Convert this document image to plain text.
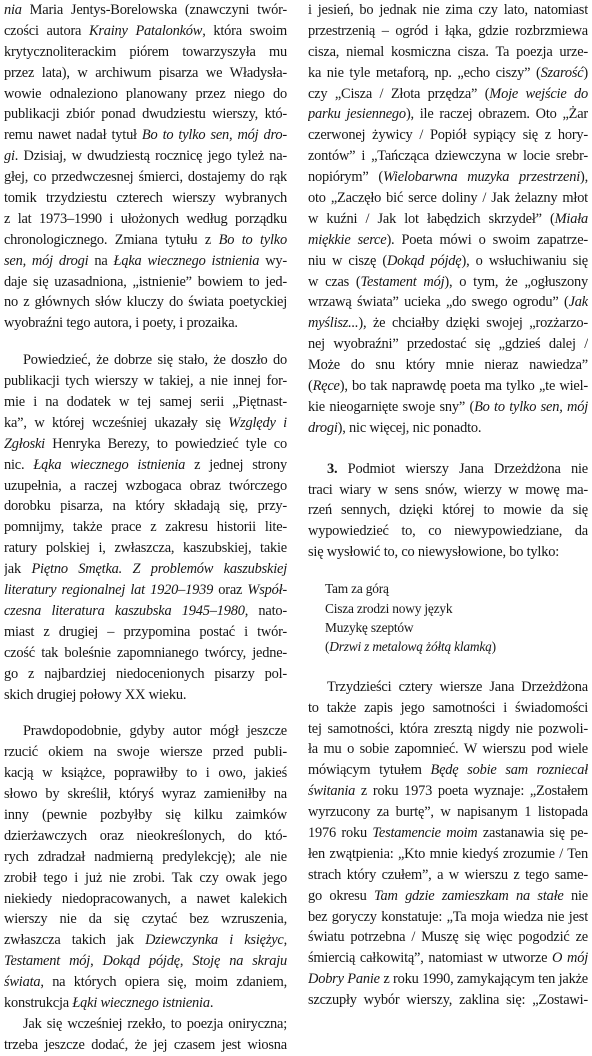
nia Maria Jentys-Borelowska (znawczyni twór-
czości autora Krainy Patalonków, która swoim
krytycznoliterackim piórem towarzyszyła mu
przez lata), w archiwum pisarza we Władysła-
wowie odnaleziono planowany przez niego do
publikacji zbiór ponad dwudziestu wierszy, któ-
remu nawet nadał tytuł Bo to tylko sen, mój dro-
gi. Dzisiaj, w dwudziestą rocznicę jego tyleż na-
głej, co przedwczesnej śmierci, dostajemy do rąk
tomik trzydziestu czterech wierszy wybranych
z lat 1973–1990 i ułożonych według porządku
chronologicznego. Zmiana tytułu z Bo to tylko
sen, mój drogi na Łąka wiecznego istnienia wy-
daje się uzasadniona, „istnienie” bowiem to jed-
no z głównych słów kluczy do świata poetyckiej
wyobraźni tego autora, i poety, i prozaika.
Powiedzieć, że dobrze się stało, że doszło do
publikacji tych wierszy w takiej, a nie innej for-
mie i na dodatek w tej samej serii „Piętnast-
ka”, w której wcześniej ukazały się Względy i
Zgłoski Henryka Berezy, to powiedzieć tyle co
nic. Łąka wiecznego istnienia z jednej strony
uzupełnia, a raczej wzbogaca obraz twórczego
dorobku pisarza, na który składają się, przy-
pomnijmy, także prace z zakresu historii lite-
ratury polskiej i, zwłaszcza, kaszubskiej, takie
jak Piętno Smętka. Z problemów kaszubskiej
literatury regionalnej lat 1920–1939 oraz Współ-
czesna literatura kaszubska 1945–1980, nato-
miast z drugiej – przypomina postać i twór-
czość tak boleśnie zapomnianego twórcy, jedne-
go z najbardziej niedocenionych pisarzy pol-
skich drugiej połowy XX wieku.
Prawdopodobnie, gdyby autor mógł jeszcze
rzucić okiem na swoje wiersze przed publi-
kacją w książce, poprawiłby to i owo, jakieś
słowo by skreślił, któryś wyraz zamieniłby na
inny (pewnie pozbyłby się kilku zaimków
dzierżawczych oraz nieokreślonych, do któ-
rych zdradzał nadmierną predylekcję); ale nie
zrobił tego i już nie zrobi. Tak czy owak jego
niekiedy niedopracowanych, a nawet kalekich
wierszy nie da się czytać bez wzruszenia,
zwłaszcza takich jak Dziewczynka i księżyc,
Testament mój, Dokąd pójdę, Stoję na skraju
świata, na których opiera się, moim zdaniem,
konstrukcja Łąki wiecznego istnienia.
Jak się wcześniej rzekło, to poezja oniryczna;
trzeba jeszcze dodać, że jej czasem jest wiosna
i jesień, bo jednak nie zima czy lato, natomiast
przestrzenią – ogród i łąka, gdzie rozbrzmiewa
cisza, niemal kosmiczna cisza. Ta poezja urze-
ka nie tyle metaforą, np. „echo ciszy” (Szarość)
czy „Cisza / Złota przędza” (Moje wejście do
parku jesiennego), ile raczej obrazem. Oto „Żar
czerwonej żywicy / Popiół sypiący się z hory-
zontów” i „Tańcząca dziewczyna w locie srebr-
nopiórym” (Wielobarwna muzyka przestrzeni),
oto „Zaczęło bić serce doliny / Jak żelazny młot
w kuźni / Jak lot łabędzich skrzydeł” (Miała
miękkie serce). Poeta mówi o swoim zapatrze-
niu w ciszę (Dokąd pójdę), o wsłuchiwaniu się
w czas (Testament mój), o tym, że „ogłuszony
wrzawą świata” ucieka „do swego ogrodu” (Jak
myślisz...), że chciałby dzięki swojej „rozżarzo-
nej wyobraźni” przedostać się „gdzieś dalej /
Może do snu który mnie nieraz nawiedza”
(Ręce), bo tak naprawdę poeta ma tylko „te wiel-
kie nieogarnięte swoje sny” (Bo to tylko sen, mój
drogi), nic więcej, nic ponadto.
3. Podmiot wierszy Jana Drzeżdżona nie
traci wiary w sens snów, wierzy w mowę ma-
rzeń sennych, dzięki której to mowie da się
wypowiedzieć to, co niewypowiedziane, da
się wysłowić to, co niewysłowione, bo tylko:
Tam za górą
Cisza zrodzi nowy język
Muzykę szeptów
(Drzwi z metalową żółtą klamką)
Trzydzieści cztery wiersze Jana Drzeżdżona
to także zapis jego samotności i świadomości
tej samotności, która zresztą nigdy nie pozwoli-
ła mu o sobie zapomnieć. W wierszu pod wiele
mówiącym tytułem Będę sobie sam rozniecał
świtania z roku 1973 poeta wyznaje: „Zostałem
wyrzucony za burtę”, w napisanym 1 listopada
1976 roku Testamencie moim zastanawia się pe-
łen zwątpienia: „Kto mnie kiedyś zrozumie / Ten
strach który czułem”, a w wierszu z tego same-
go okresu Tam gdzie zamieszkam na stałe nie
bez goryczy konstatuje: „Ta moja wiedza nie jest
światu potrzebna / Muszę się więc pogodzić ze
śmiercią całkowitą”, natomiast w utworze O mój
Dobry Panie z roku 1990, zamykającym ten jakże
szczupły wybór wierszy, zaklina się: „Zostawi-
